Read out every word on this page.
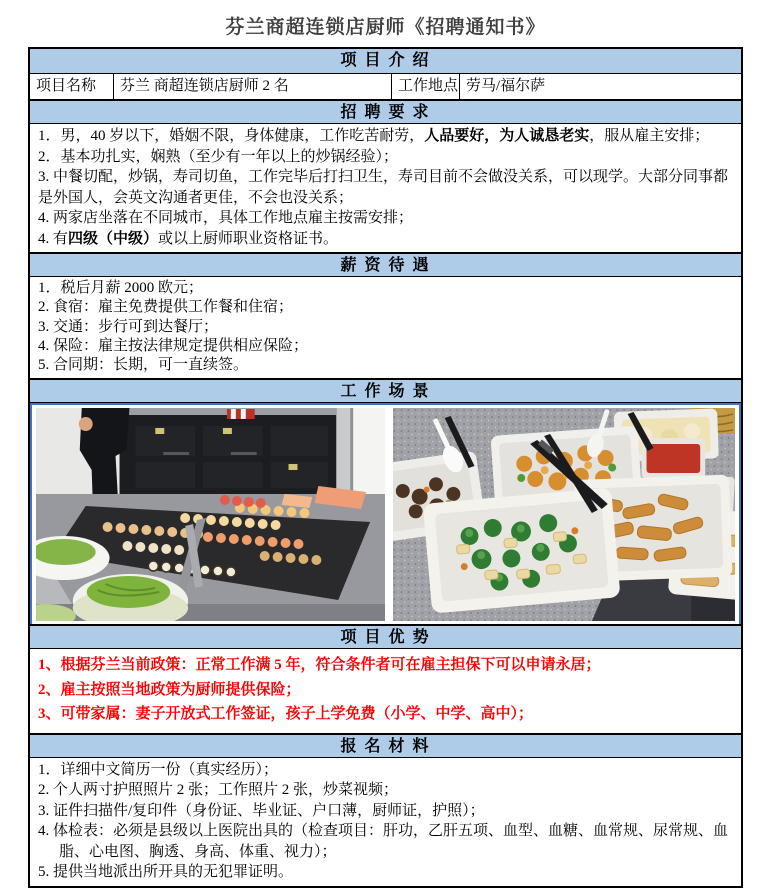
芬兰商超连锁店厨师《招聘通知书》
项 目 介 绍
项目名称	芬兰 商超连锁店厨师 2 名	工作地点 劳马/福尔萨
招 聘 要 求
1．男，40 岁以下，婚姻不限，身体健康，工作吃苦耐劳，人品要好，为人诚恳老实，服从雇主安排；
2．基本功扎实，娴熟（至少有一年以上的炒锅经验）；
3. 中餐切配，炒锅，寿司切鱼，工作完毕后打扫卫生，寿司目前不会做没关系，可以现学。大部分同事都是外国人，会英文沟通者更佳，不会也没关系；
4. 两家店坐落在不同城市，具体工作地点雇主按需安排；
4. 有四级（中级）或以上厨师职业资格证书。
薪 资 待 遇
1．税后月薪 2000 欧元；
2. 食宿：雇主免费提供工作餐和住宿；
3. 交通：步行可到达餐厅；
4. 保险：雇主按法律规定提供相应保险；
5. 合同期：长期，可一直续签。
工 作 场 景
项 目 优 势
1、根据芬兰当前政策：正常工作满 5 年，符合条件者可在雇主担保下可以申请永居；
2、雇主按照当地政策为厨师提供保险；
3、可带家属：妻子开放式工作签证，孩子上学免费（小学、中学、高中）；
报 名 材 料
1．详细中文简历一份（真实经历）；
2. 个人两寸护照照片 2 张；工作照片 2 张，炒菜视频；
3. 证件扫描件/复印件（身份证、毕业证、户口薄，厨师证，护照）；
4. 体检表：必须是县级以上医院出具的（检查项目：肝功，乙肝五项、血型、血糖、血常规、尿常规、血脂、心电图、胸透、身高、体重、视力）；
5. 提供当地派出所开具的无犯罪证明。
